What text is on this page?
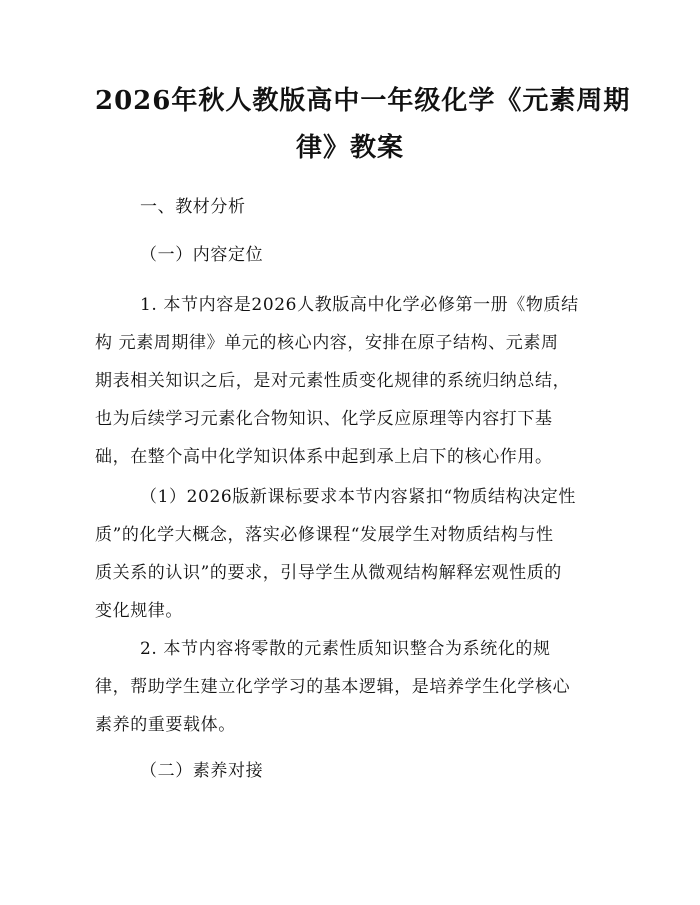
2026年秋人教版高中一年级化学《元素周期
律》教案
一、教材分析
（一）内容定位
1. 本节内容是2026人教版高中化学必修第一册《物质结
构 元素周期律》单元的核心内容，安排在原子结构、元素周
期表相关知识之后，是对元素性质变化规律的系统归纳总结，
也为后续学习元素化合物知识、化学反应原理等内容打下基
础，在整个高中化学知识体系中起到承上启下的核心作用。
（1）2026版新课标要求本节内容紧扣“物质结构决定性
质”的化学大概念，落实必修课程“发展学生对物质结构与性
质关系的认识”的要求，引导学生从微观结构解释宏观性质的
变化规律。
2. 本节内容将零散的元素性质知识整合为系统化的规
律，帮助学生建立化学学习的基本逻辑，是培养学生化学核心
素养的重要载体。
（二）素养对接
